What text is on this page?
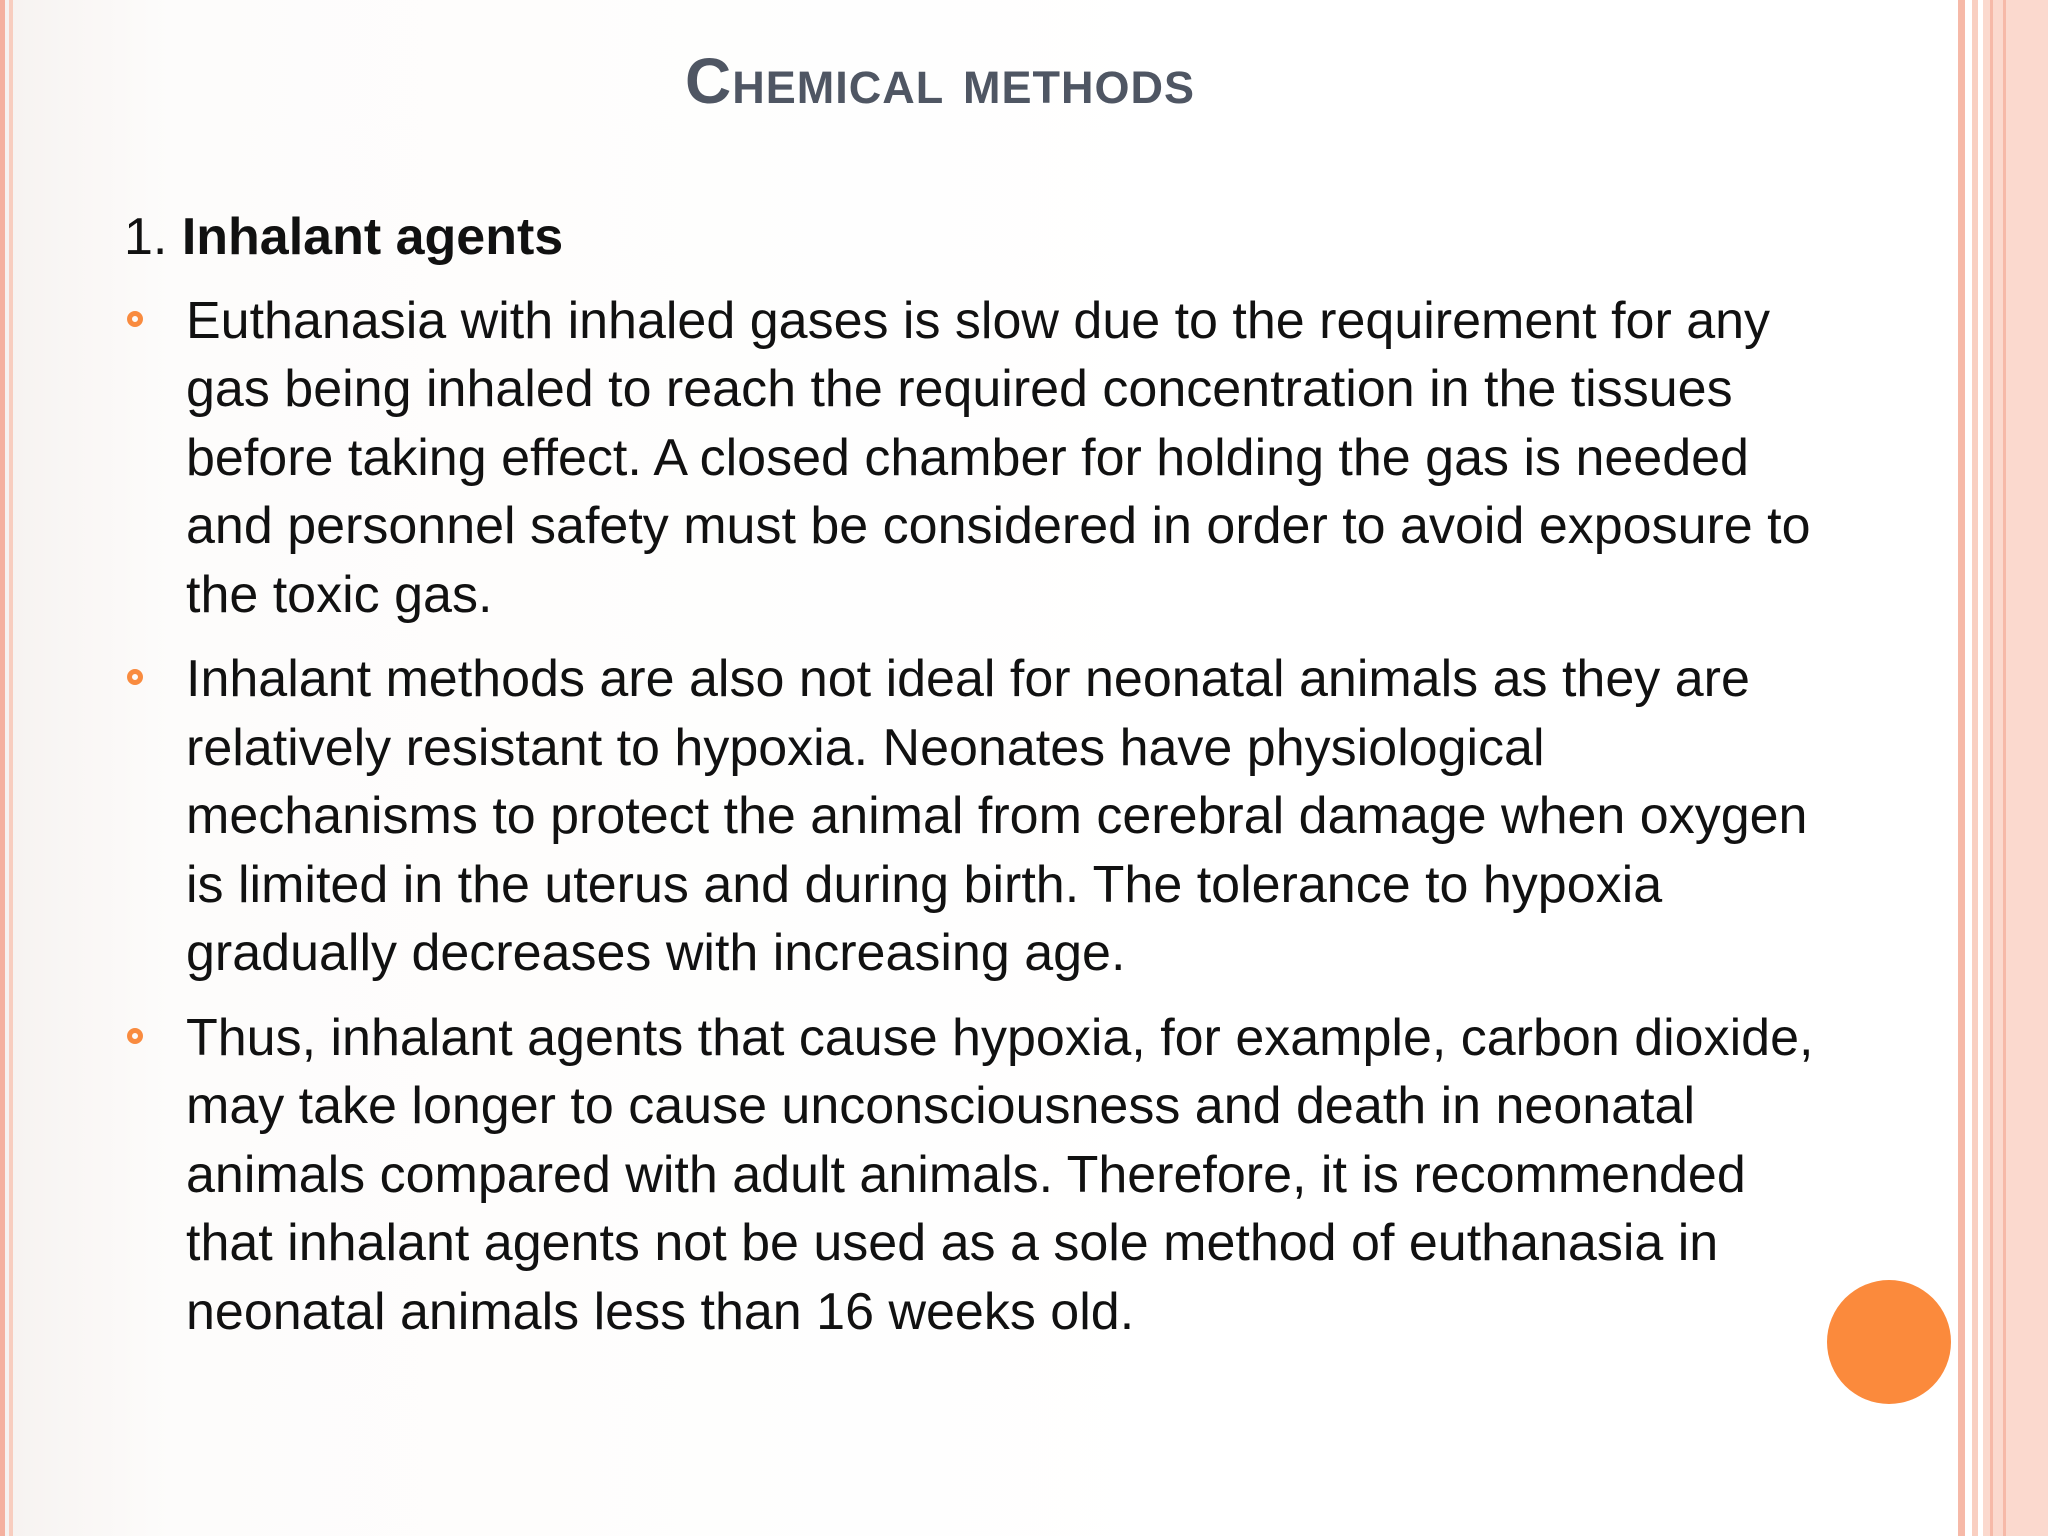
Chemical methods
1. Inhalant agents
Euthanasia with inhaled gases is slow due to the requirement for any gas being inhaled to reach the required concentration in the tissues before taking effect. A closed chamber for holding the gas is needed and personnel safety must be considered in order to avoid exposure to the toxic gas.
Inhalant methods are also not ideal for neonatal animals as they are relatively resistant to hypoxia. Neonates have physiological mechanisms to protect the animal from cerebral damage when oxygen is limited in the uterus and during birth. The tolerance to hypoxia gradually decreases with increasing age.
Thus, inhalant agents that cause hypoxia, for example, carbon dioxide, may take longer to cause unconsciousness and death in neonatal animals compared with adult animals. Therefore, it is recommended that inhalant agents not be used as a sole method of euthanasia in neonatal animals less than 16 weeks old.
